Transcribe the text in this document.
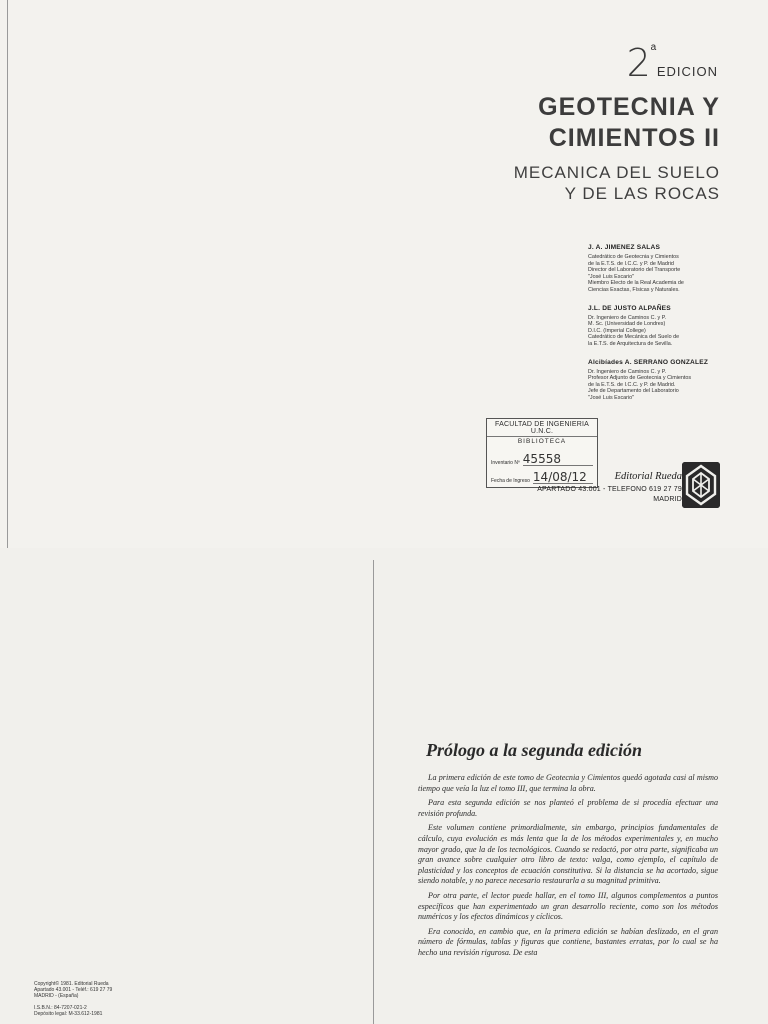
2 a
EDICION
GEOTECNIA Y
CIMIENTOS II
MECANICA DEL SUELO
Y DE LAS ROCAS
J. A. JIMENEZ SALAS
Catedrático de Geotecnia y Cimientos
de la E.T.S. de I.C.C. y P. de Madrid
Director del Laboratorio del Transporte
"José Luis Escario"
Miembro Electo de la Real Academia de
Ciencias Exactas, Físicas y Naturales.
J.L. DE JUSTO ALPAÑES
Dr. Ingeniero de Caminos C. y P.
M. Sc. (Universidad de Londres)
D.I.C. (Imperial College)
Catedrático de Mecánica del Suelo de
la E.T.S. de Arquitectura de Sevilla.
Alcibíades A. SERRANO GONZALEZ
Dr. Ingeniero de Caminos C. y P.
Profesor Adjunto de Geotecnia y Cimientos
de la E.T.S. de I.C.C. y P. de Madrid.
Jefe de Departamento del Laboratorio
"José Luis Escario"
FACULTAD DE INGENIERIA U.N.C.
BIBLIOTECA
Inventario Nº 45558
Fecha de Ingreso 14/08/12	Editorial Rueda
APARTADO 43.001 - TELEFONO 619 27 79
MADRID
Prólogo a la segunda edición

La primera edición de este tomo de Geotecnia y Cimientos quedó agotada casi al mismo tiempo que veía la luz el tomo III, que termina la obra.

Para esta segunda edición se nos planteó el problema de si procedía efectuar una revisión profunda.

Este volumen contiene primordialmente, sin embargo, principios fundamentales de cálculo, cuya evolución es más lenta que la de los métodos experimentales y, en mucho mayor grado, que la de los tecnológicos. Cuando se redactó, por otra parte, significaba un gran avance sobre cualquier otro libro de texto: valga, como ejemplo, el capítulo de plasticidad y los conceptos de ecuación constitutiva. Si la distancia se ha acortado, sigue siendo notable, y no parece necesario restaurarla a su magnitud primitiva.

Por otra parte, el lector puede hallar, en el tomo III, algunos complementos a puntos específicos que han experimentado un gran desarrollo reciente, como son los métodos numéricos y los efectos dinámicos y cíclicos.

Era conocido, en cambio que, en la primera edición se habían deslizado, en el gran número de fórmulas, tablas y figuras que contiene, bastantes erratas, por lo cual se ha hecho una revisión rigurosa. De esta

Copyright© 1981. Editorial Rueda
Apartado 43.001 - Teléf.: 619 27 79
MADRID - (España)
I.S.B.N.: 84-7207-021-2
Depósito legal: M-33.612-1981
